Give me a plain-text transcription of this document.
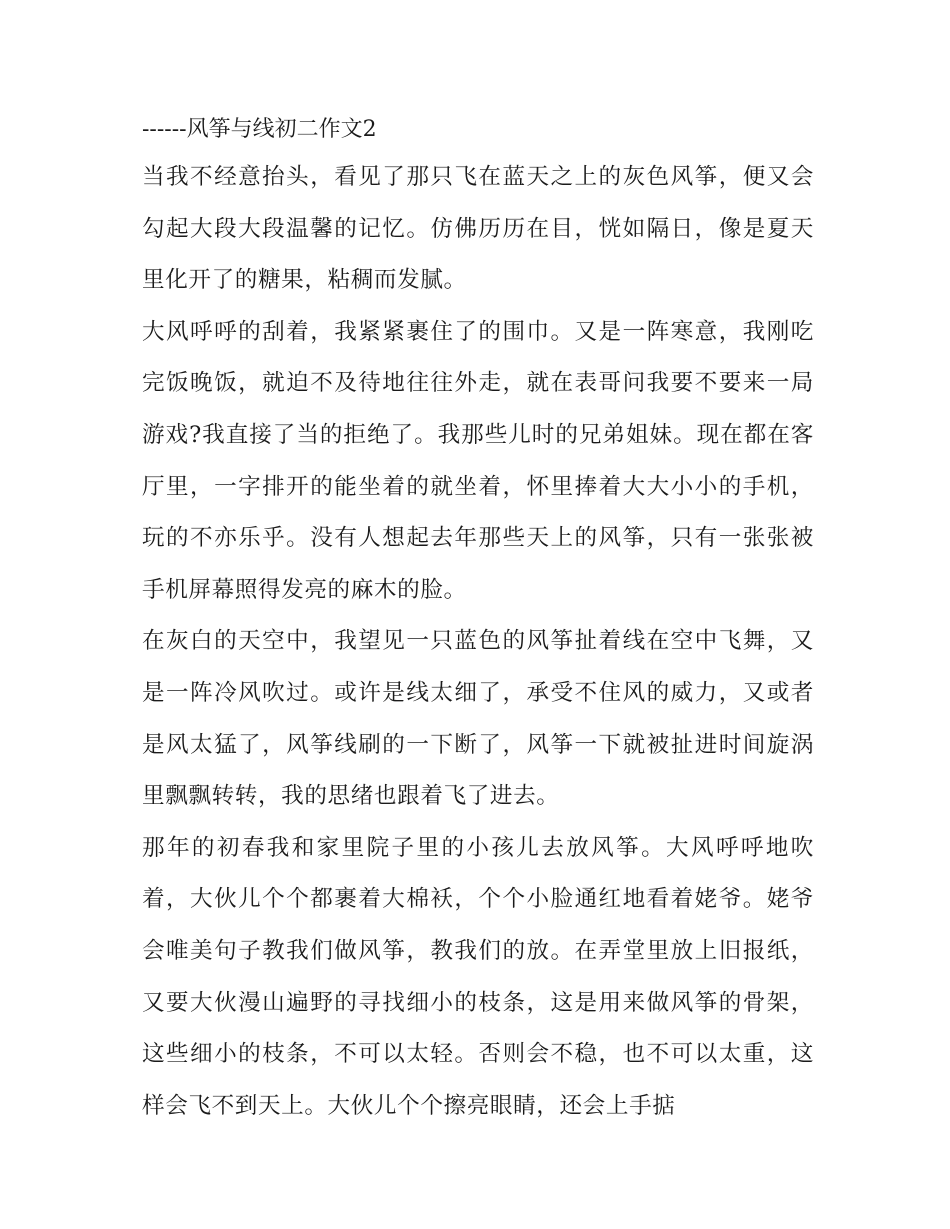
------风筝与线初二作文2

当我不经意抬头，看见了那只飞在蓝天之上的灰色风筝，便又会勾起大段大段温馨的记忆。仿佛历历在目，恍如隔日，像是夏天里化开了的糖果，粘稠而发腻。

大风呼呼的刮着，我紧紧裹住了的围巾。又是一阵寒意，我刚吃完饭晚饭，就迫不及待地往往外走，就在表哥问我要不要来一局游戏?我直接了当的拒绝了。我那些儿时的兄弟姐妹。现在都在客厅里，一字排开的能坐着的就坐着，怀里捧着大大小小的手机，玩的不亦乐乎。没有人想起去年那些天上的风筝，只有一张张被手机屏幕照得发亮的麻木的脸。

在灰白的天空中，我望见一只蓝色的风筝扯着线在空中飞舞，又是一阵冷风吹过。或许是线太细了，承受不住风的威力，又或者是风太猛了，风筝线刷的一下断了，风筝一下就被扯进时间旋涡里飘飘转转，我的思绪也跟着飞了进去。

那年的初春我和家里院子里的小孩儿去放风筝。大风呼呼地吹着，大伙儿个个都裹着大棉袄，个个小脸通红地看着姥爷。姥爷会唯美句子教我们做风筝，教我们的放。在弄堂里放上旧报纸，又要大伙漫山遍野的寻找细小的枝条，这是用来做风筝的骨架，这些细小的枝条，不可以太轻。否则会不稳，也不可以太重，这样会飞不到天上。大伙儿个个擦亮眼睛，还会上手掂
